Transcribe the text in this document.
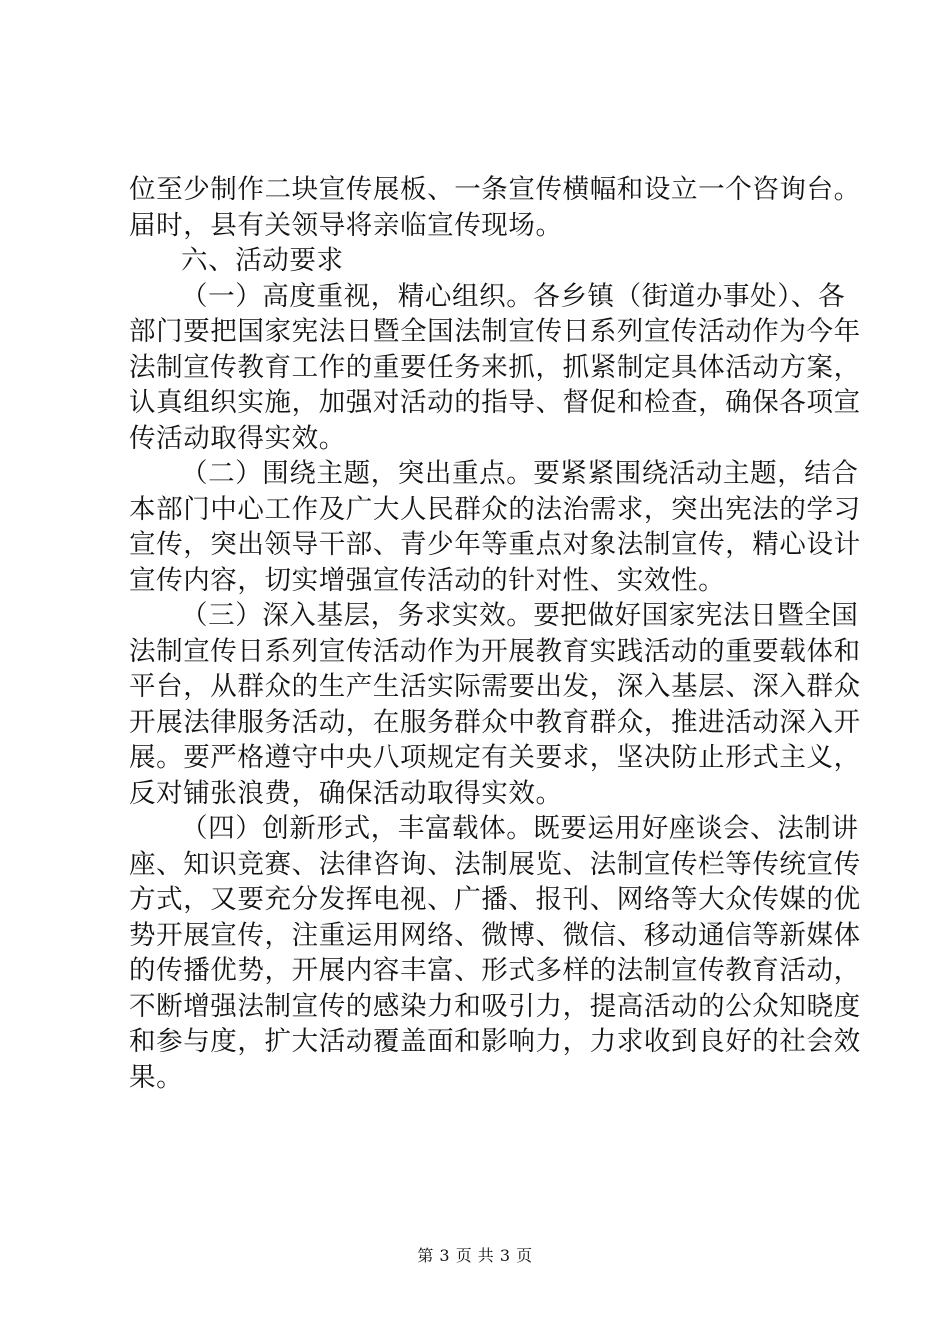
位至少制作二块宣传展板、一条宣传横幅和设立一个咨询台。
届时，县有关领导将亲临宣传现场。
六、活动要求
（一）高度重视，精心组织。各乡镇（街道办事处）、各
部门要把国家宪法日暨全国法制宣传日系列宣传活动作为今年
法制宣传教育工作的重要任务来抓，抓紧制定具体活动方案，
认真组织实施，加强对活动的指导、督促和检查，确保各项宣
传活动取得实效。
（二）围绕主题，突出重点。要紧紧围绕活动主题，结合
本部门中心工作及广大人民群众的法治需求，突出宪法的学习
宣传，突出领导干部、青少年等重点对象法制宣传，精心设计
宣传内容，切实增强宣传活动的针对性、实效性。
（三）深入基层，务求实效。要把做好国家宪法日暨全国
法制宣传日系列宣传活动作为开展教育实践活动的重要载体和
平台，从群众的生产生活实际需要出发，深入基层、深入群众
开展法律服务活动，在服务群众中教育群众，推进活动深入开
展。要严格遵守中央八项规定有关要求，坚决防止形式主义，
反对铺张浪费，确保活动取得实效。
（四）创新形式，丰富载体。既要运用好座谈会、法制讲
座、知识竞赛、法律咨询、法制展览、法制宣传栏等传统宣传
方式，又要充分发挥电视、广播、报刊、网络等大众传媒的优
势开展宣传，注重运用网络、微博、微信、移动通信等新媒体
的传播优势，开展内容丰富、形式多样的法制宣传教育活动，
不断增强法制宣传的感染力和吸引力，提高活动的公众知晓度
和参与度，扩大活动覆盖面和影响力，力求收到良好的社会效
果。
第 3 页 共 3 页
